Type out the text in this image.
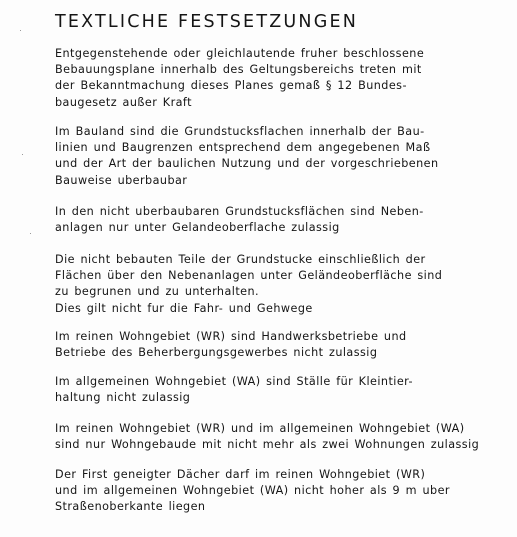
TEXTLICHE FESTSETZUNGEN

Entgegenstehende oder gleichlautende fruher beschlossene
Bebauungsplane innerhalb des Geltungsbereichs treten mit
der Bekanntmachung dieses Planes gemaß § 12 Bundes-
baugesetz außer Kraft

Im Bauland sind die Grundstucksflachen innerhalb der Bau-
linien und Baugrenzen entsprechend dem angegebenen Maß
und der Art der baulichen Nutzung und der vorgeschriebenen
Bauweise uberbaubar

In den nicht uberbaubaren Grundstucksflächen sind Neben-
anlagen nur unter Gelandeoberflache zulassig

Die nicht bebauten Teile der Grundstucke einschließlich der
Flächen über den Nebenanlagen unter Geländeoberfläche sind
zu begrunen und zu unterhalten.
Dies gilt nicht fur die Fahr- und Gehwege

Im reinen Wohngebiet (WR) sind Handwerksbetriebe und
Betriebe des Beherbergungsgewerbes nicht zulassig

Im allgemeinen Wohngebiet (WA) sind Ställe für Kleintier-
haltung nicht zulassig

Im reinen Wohngebiet (WR) und im allgemeinen Wohngebiet (WA)
sind nur Wohngebaude mit nicht mehr als zwei Wohnungen zulassig

Der First geneigter Dächer darf im reinen Wohngebiet (WR)
und im allgemeinen Wohngebiet (WA) nicht hoher als 9 m uber
Straßenoberkante liegen
